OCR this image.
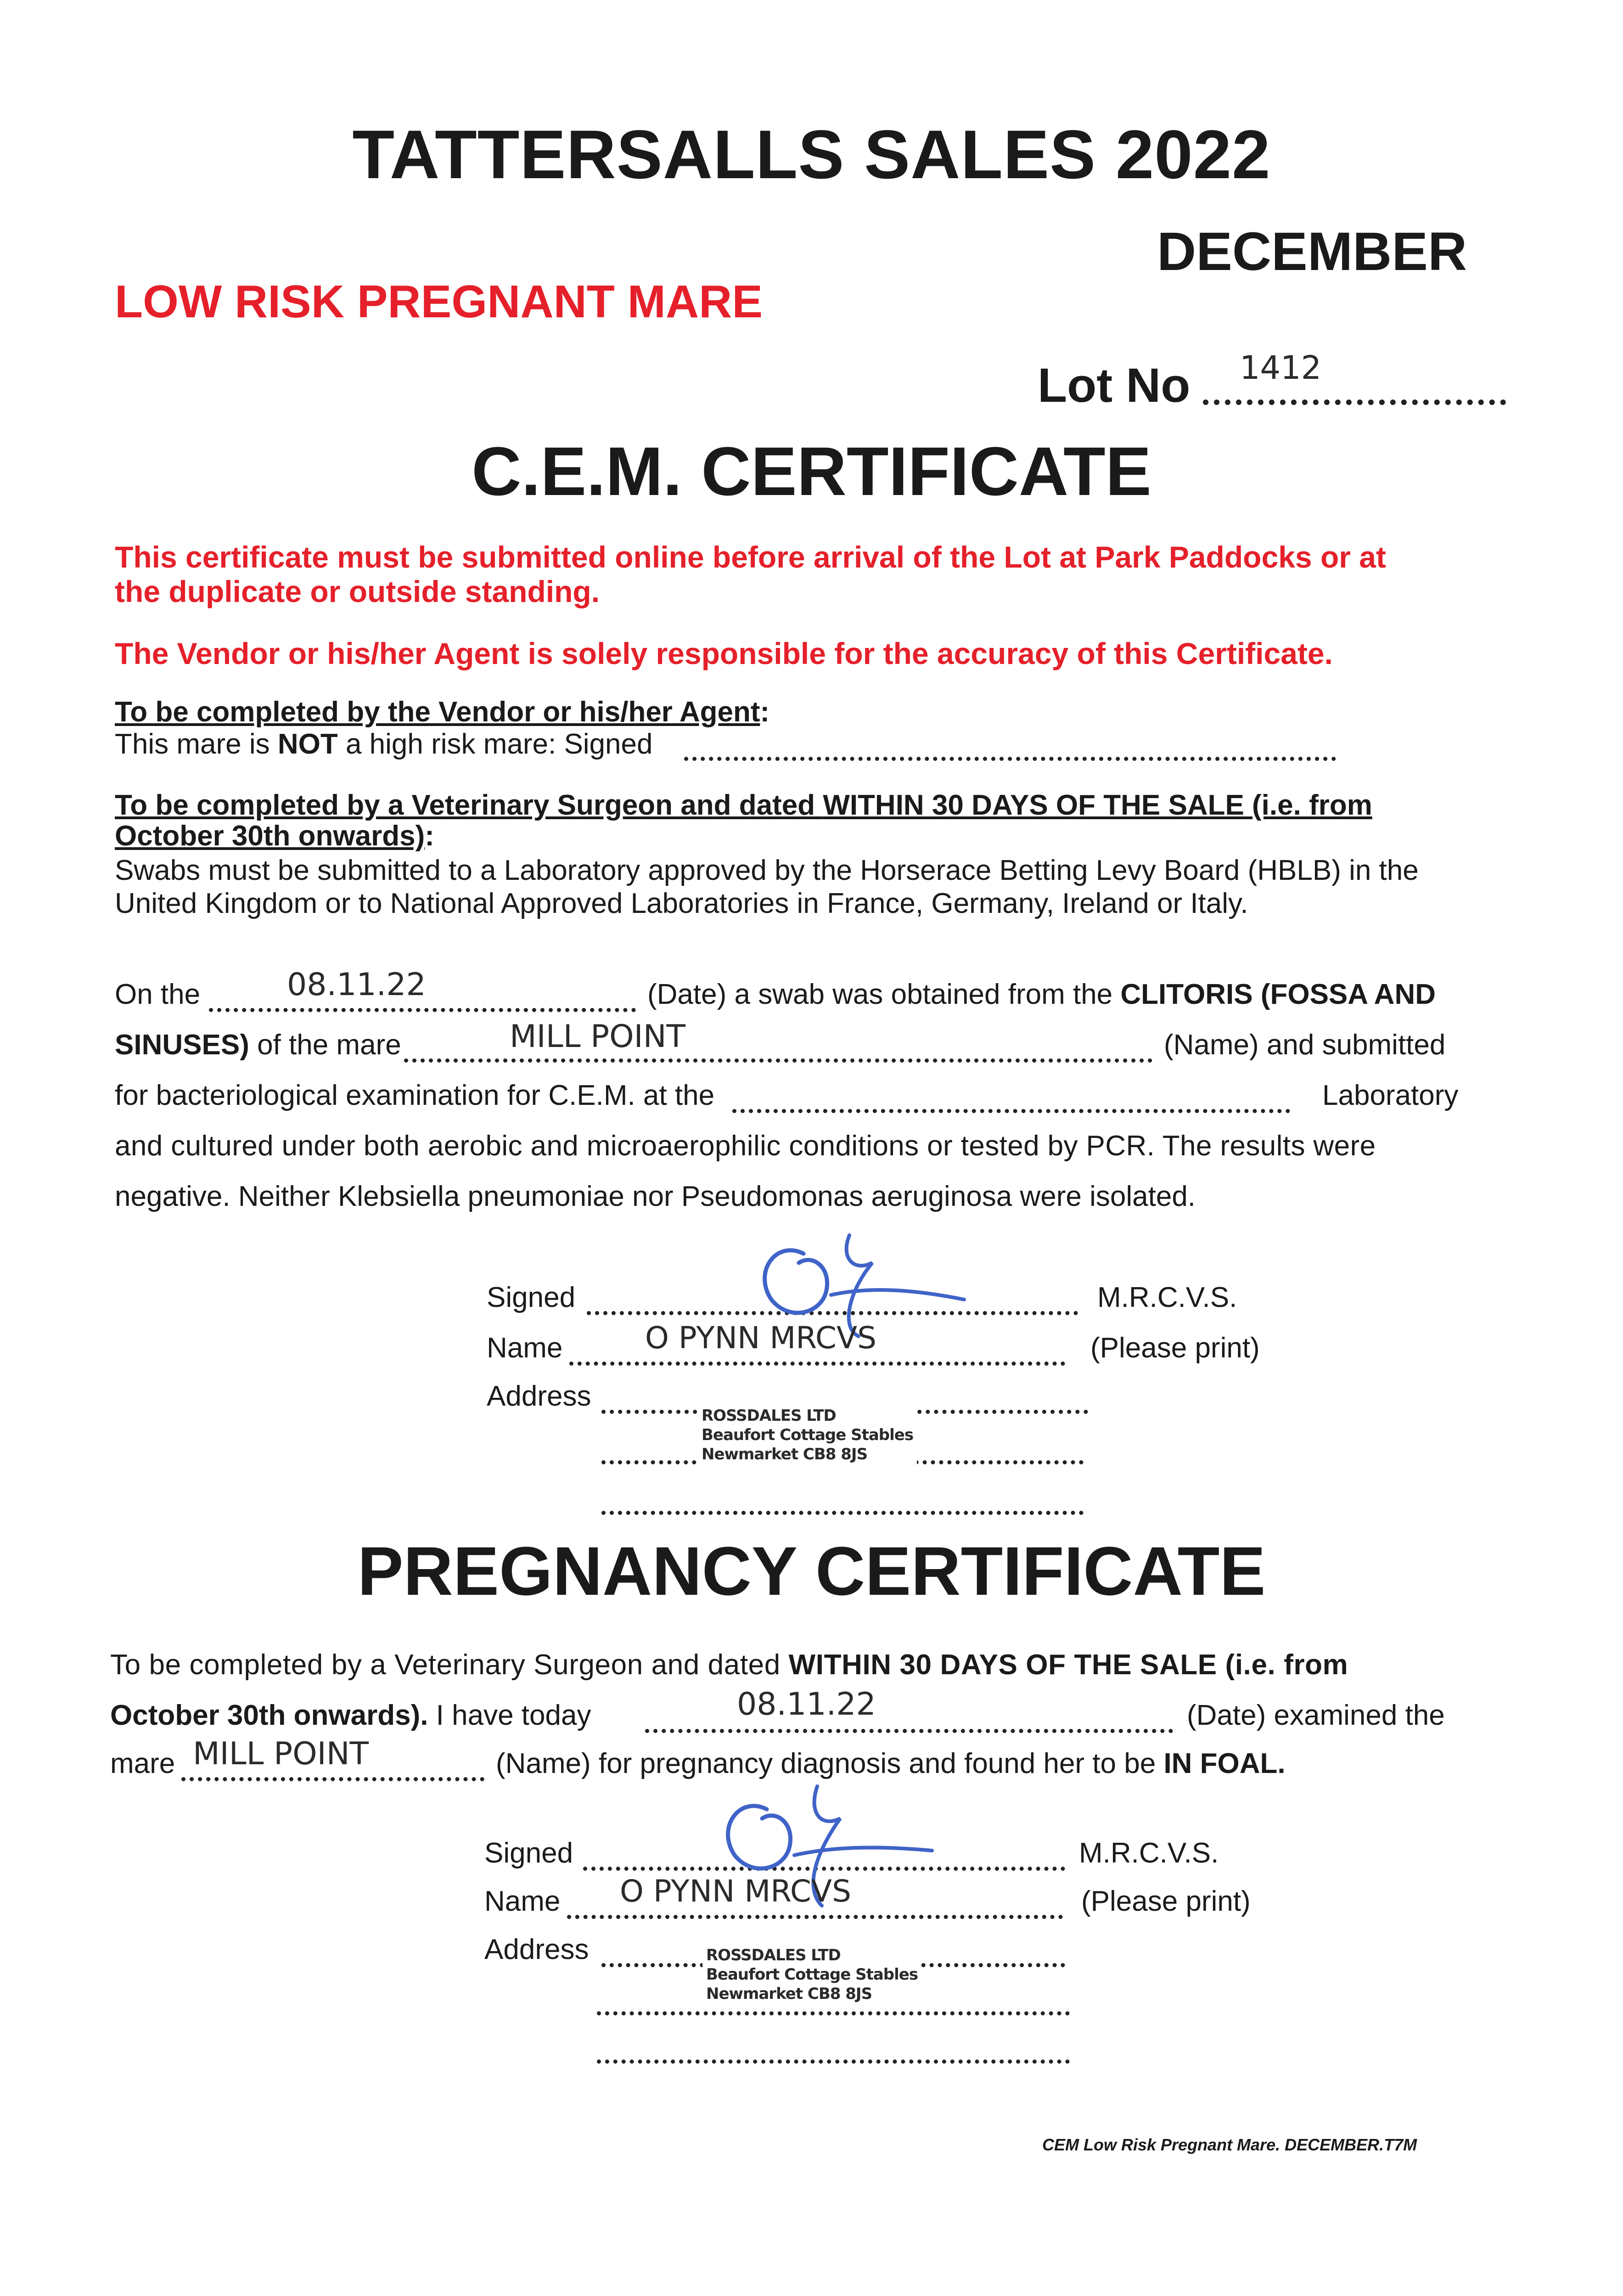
TATTERSALLS SALES 2022
DECEMBER
LOW RISK PREGNANT MARE
Lot No 1412
C.E.M. CERTIFICATE
This certificate must be submitted online before arrival of the Lot at Park Paddocks or at
the duplicate or outside standing.
The Vendor or his/her Agent is solely responsible for the accuracy of this Certificate.
To be completed by the Vendor or his/her Agent:
This mare is NOT a high risk mare: Signed
To be completed by a Veterinary Surgeon and dated WITHIN 30 DAYS OF THE SALE (i.e. from
October 30th onwards):
Swabs must be submitted to a Laboratory approved by the Horserace Betting Levy Board (HBLB) in the
United Kingdom or to National Approved Laboratories in France, Germany, Ireland or Italy.
On the	08.11.22	(Date) a swab was obtained from the CLITORIS (FOSSA AND
SINUSES) of the mare	MILL POINT	(Name) and submitted
for bacteriological examination for C.E.M. at the	Laboratory
and cultured under both aerobic and microaerophilic conditions or tested by PCR. The results were
negative. Neither Klebsiella pneumoniae nor Pseudomonas aeruginosa were isolated.
Signed	M.R.C.V.S.
Name	O PYNN MRCVS	(Please print)
Address
ROSSDALES LTD
Beaufort Cottage Stables
Newmarket CB8 8JS
PREGNANCY CERTIFICATE
To be completed by a Veterinary Surgeon and dated WITHIN 30 DAYS OF THE SALE (i.e. from
October 30th onwards). I have today	08.11.22	(Date) examined the
mare MILL POINT	(Name) for pregnancy diagnosis and found her to be IN FOAL.
Signed	M.R.C.V.S.
Name O PYNN MRCVS	(Please print)
Address	ROSSDALES LTD
Beaufort Cottage Stables
Newmarket CB8 8JS
CEM Low Risk Pregnant Mare. DECEMBER.T7M
